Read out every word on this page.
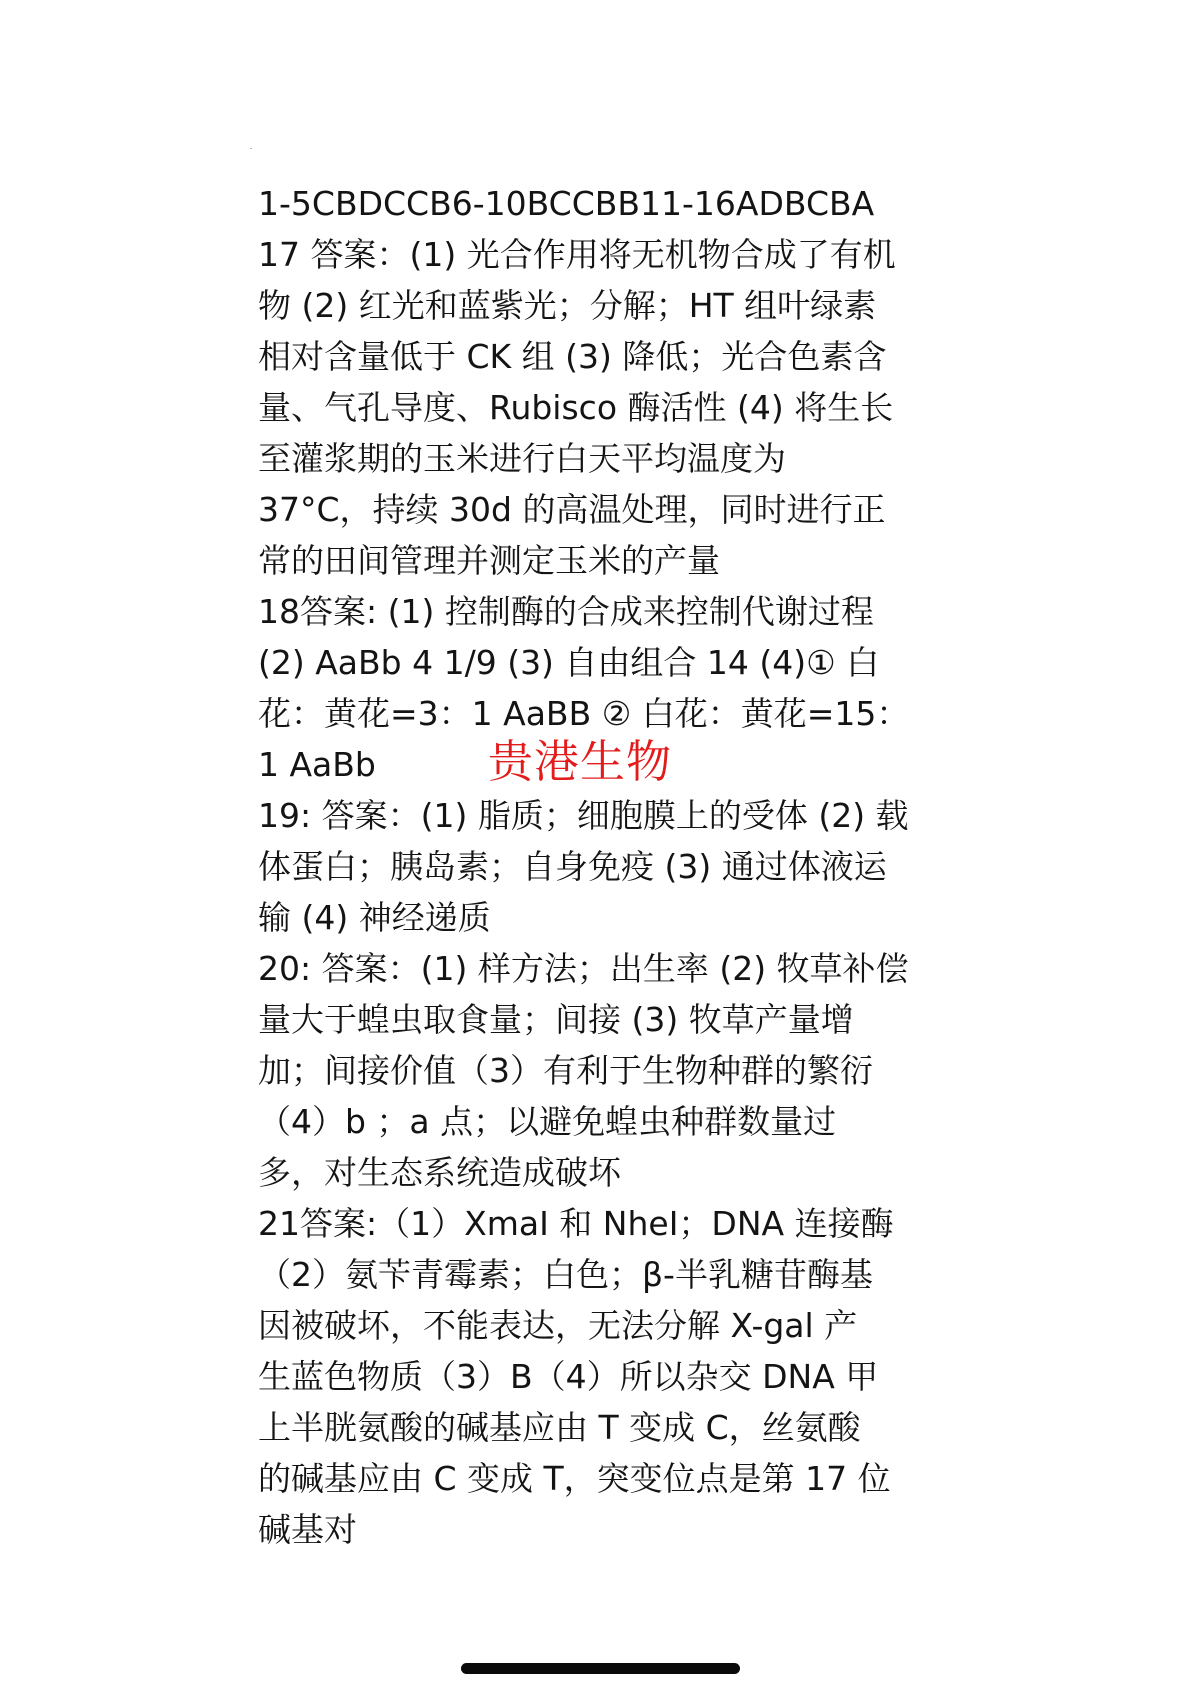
1-5CBDCCB6-10BCCBB11-16ADBCBA
17 答案：(1) 光合作用将无机物合成了有机
物 (2) 红光和蓝紫光；分解；HT 组叶绿素
相对含量低于 CK 组 (3) 降低；光合色素含
量、气孔导度、Rubisco 酶活性 (4) 将生长
至灌浆期的玉米进行白天平均温度为
37°C，持续 30d 的高温处理，同时进行正
常的田间管理并测定玉米的产量
18答案: (1) 控制酶的合成来控制代谢过程
(2) AaBb 4 1/9 (3) 自由组合 14 (4)① 白
花：黄花=3：1 AaBB ② 白花：黄花=15：
1 AaBb
19: 答案：(1) 脂质；细胞膜上的受体 (2) 载
体蛋白；胰岛素；自身免疫 (3) 通过体液运
输 (4) 神经递质
20: 答案：(1) 样方法；出生率 (2) 牧草补偿
量大于蝗虫取食量；间接 (3) 牧草产量增
加；间接价值（3）有利于生物种群的繁衍
（4）b ；a 点；以避免蝗虫种群数量过
多，对生态系统造成破坏
21答案:（1）XmaI 和 NheI；DNA 连接酶
（2）氨苄青霉素；白色；β-半乳糖苷酶基
因被破坏，不能表达，无法分解 X-gal 产
生蓝色物质（3）B（4）所以杂交 DNA 甲
上半胱氨酸的碱基应由 T 变成 C，丝氨酸
的碱基应由 C 变成 T，突变位点是第 17 位
碱基对
贵港生物
